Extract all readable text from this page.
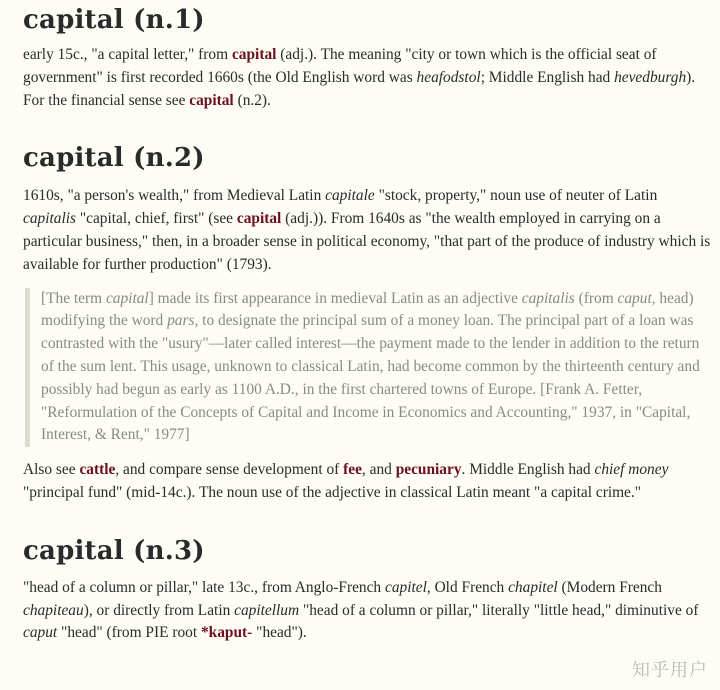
capital (n.1)

early 15c., "a capital letter," from capital (adj.). The meaning "city or town which is the official seat of government" is first recorded 1660s (the Old English word was heafodstol; Middle English had hevedburgh). For the financial sense see capital (n.2).

capital (n.2)

1610s, "a person's wealth," from Medieval Latin capitale "stock, property," noun use of neuter of Latin capitalis "capital, chief, first" (see capital (adj.)). From 1640s as "the wealth employed in carrying on a particular business," then, in a broader sense in political economy, "that part of the produce of industry which is available for further production" (1793).

[The term capital] made its first appearance in medieval Latin as an adjective capitalis (from caput, head) modifying the word pars, to designate the principal sum of a money loan. The principal part of a loan was contrasted with the "usury"—later called interest—the payment made to the lender in addition to the return of the sum lent. This usage, unknown to classical Latin, had become common by the thirteenth century and possibly had begun as early as 1100 A.D., in the first chartered towns of Europe. [Frank A. Fetter, "Reformulation of the Concepts of Capital and Income in Economics and Accounting," 1937, in "Capital, Interest, & Rent," 1977]

Also see cattle, and compare sense development of fee, and pecuniary. Middle English had chief money "principal fund" (mid-14c.). The noun use of the adjective in classical Latin meant "a capital crime."

capital (n.3)

"head of a column or pillar," late 13c., from Anglo-French capitel, Old French chapitel (Modern French chapiteau), or directly from Latin capitellum "head of a column or pillar," literally "little head," diminutive of caput "head" (from PIE root *kaput- "head").

知乎用户
